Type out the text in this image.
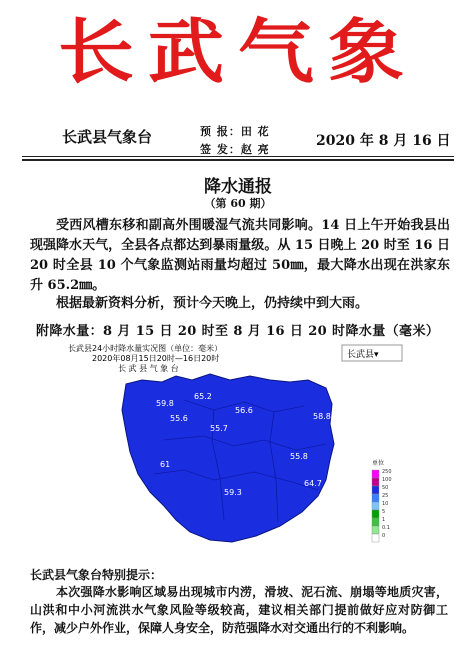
长武气象
长武县气象台	预 报：田 花
签 发：赵 亮
2020 年 8 月 16 日
降水通报
（第 60 期）
受西风槽东移和副高外围暖湿气流共同影响。14 日上午开始我县出现强降水天气，全县各点都达到暴雨量级。从 15 日晚上 20 时至 16 日 20 时全县 10 个气象监测站雨量均超过 50㎜，最大降水出现在洪家东升 65.2㎜。
根据最新资料分析，预计今天晚上，仍持续中到大雨。
附降水量：8 月 15 日 20 时至 8 月 16 日 20 时降水量（毫米）
长武县24小时降水量实况图（单位：毫米）
2020年08月15日20时—16日20时
长 武 县 气 象 台
长武县▾
59.8
65.2
56.6
58.8
55.6
55.7
55.8
61
59.3
64.7
单位
250
100
50
25
10
5
1
0.1
0
长武县气象台特别提示：
本次强降水影响区域易出现城市内涝，滑坡、泥石流、崩塌等地质灾害，山洪和中小河流洪水气象风险等级较高，建议相关部门提前做好应对防御工作，减少户外作业，保障人身安全，防范强降水对交通出行的不利影响。
